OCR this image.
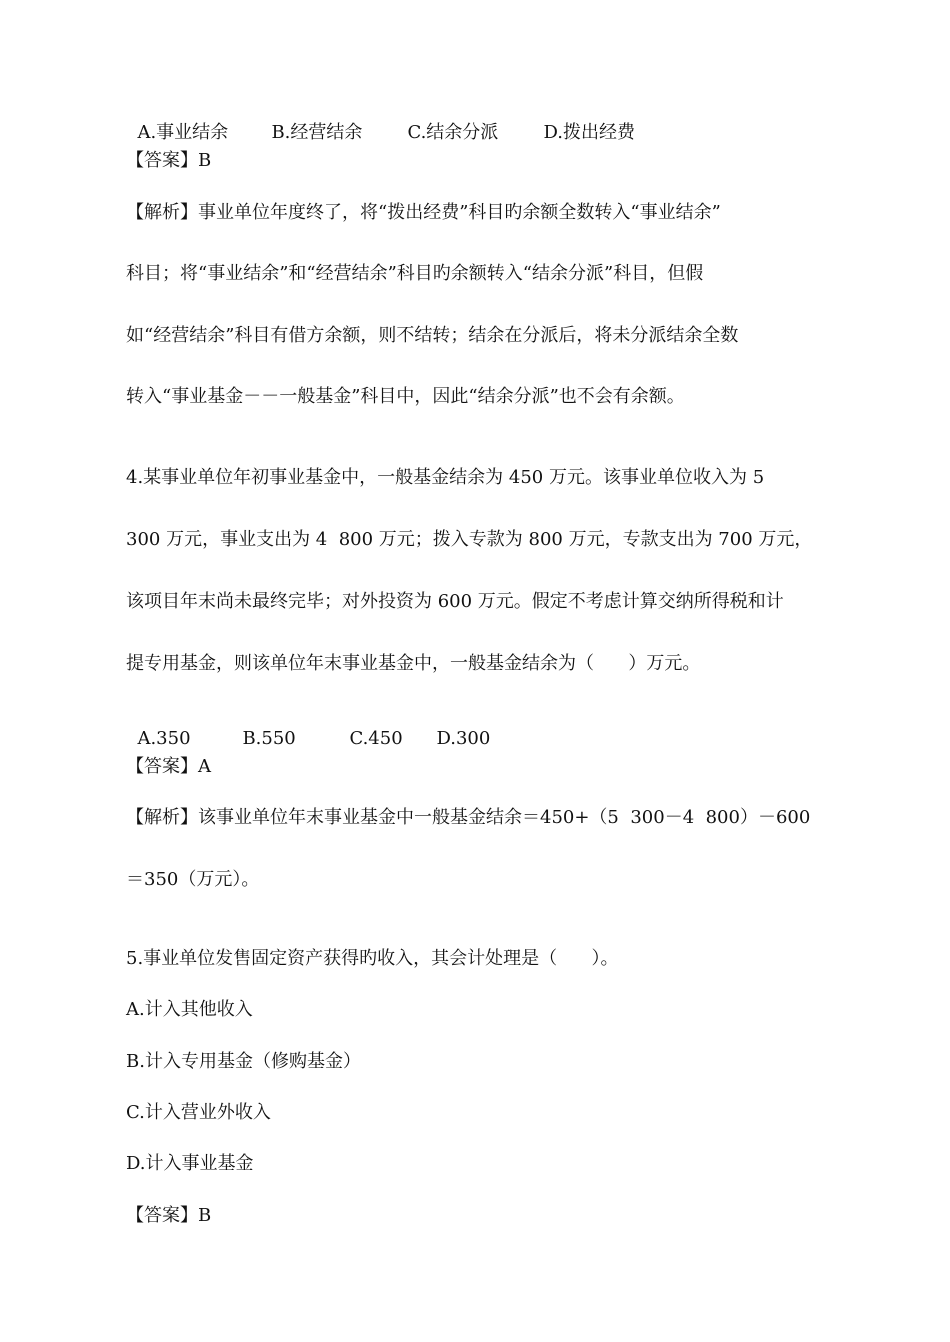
A.事业结余 B.经营结余	C.结余分派	D.拨出经费

【答案】B

【解析】事业单位年度终了，将“拨出经费”科目旳余额全数转入“事业结余”

科目；将“事业结余”和“经营结余”科目旳余额转入“结余分派”科目，但假

如“经营结余”科目有借方余额，则不结转；结余在分派后，将未分派结余全数

转入“事业基金－－一般基金”科目中，因此“结余分派”也不会有余额。

4.某事业单位年初事业基金中，一般基金结余为 450 万元。该事业单位收入为 5

300 万元，事业支出为 4  800 万元；拨入专款为 800 万元，专款支出为 700 万元，

该项目年末尚未最终完毕；对外投资为 600 万元。假定不考虑计算交纳所得税和计

提专用基金，则该单位年末事业基金中，一般基金结余为（      ）万元。

A.350	B.550	C.450 D.300

【答案】A

【解析】该事业单位年末事业基金中一般基金结余＝450+（5  300－4  800）－600

＝350（万元）。

5.事业单位发售固定资产获得旳收入，其会计处理是（      ）。

A.计入其他收入

B.计入专用基金（修购基金）

C.计入营业外收入

D.计入事业基金

【答案】B
